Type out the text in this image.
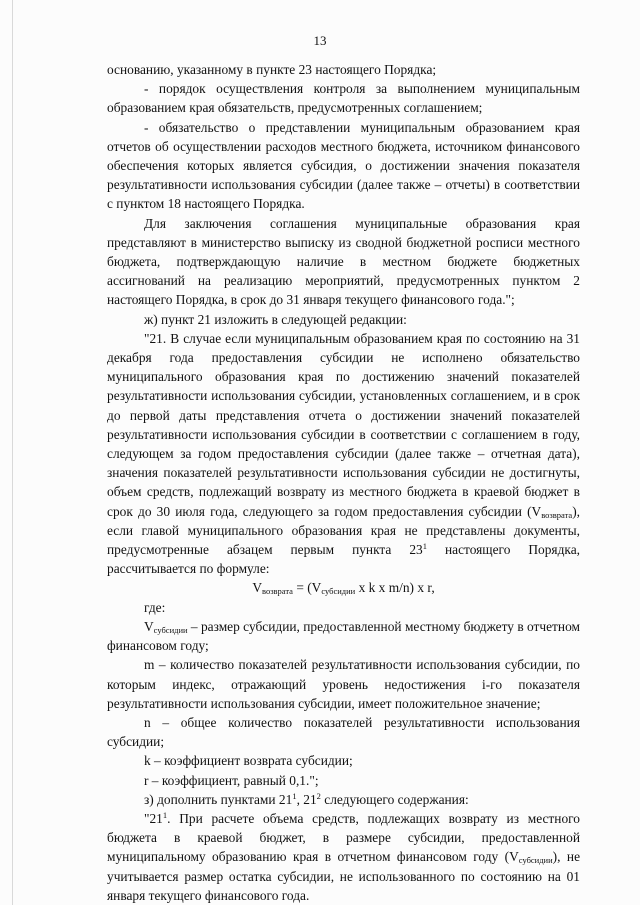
13

основанию, указанному в пункте 23 настоящего Порядка;

- порядок осуществления контроля за выполнением муниципальным образованием края обязательств, предусмотренных соглашением;

- обязательство о представлении муниципальным образованием края отчетов об осуществлении расходов местного бюджета, источником финансового обеспечения которых является субсидия, о достижении значения показателя результативности использования субсидии (далее также – отчеты) в соответствии с пунктом 18 настоящего Порядка.

Для заключения соглашения муниципальные образования края представляют в министерство выписку из сводной бюджетной росписи местного бюджета, подтверждающую наличие в местном бюджете бюджетных ассигнований на реализацию мероприятий, предусмотренных пунктом 2 настоящего Порядка, в срок до 31 января текущего финансового года.";

ж) пункт 21 изложить в следующей редакции:

"21. В случае если муниципальным образованием края по состоянию на 31 декабря года предоставления субсидии не исполнено обязательство муниципального образования края по достижению значений показателей результативности использования субсидии, установленных соглашением, и в срок до первой даты представления отчета о достижении значений показателей результативности использования субсидии в соответствии с соглашением в году, следующем за годом предоставления субсидии (далее также – отчетная дата), значения показателей результативности использования субсидии не достигнуты, объем средств, подлежащий возврату из местного бюджета в краевой бюджет в срок до 30 июля года, следующего за годом предоставления субсидии $(V_{возврата})$, если главой муниципального образования края не представлены документы, предусмотренные абзацем первым пункта $23^1$ настоящего Порядка, рассчитывается по формуле:

$V_{возврата} = (V_{субсидии}$ x k x m/n) x r,

где:

$V_{субсидии}$ – размер субсидии, предоставленной местному бюджету в отчетном финансовом году;

m – количество показателей результативности использования субсидии, по которым индекс, отражающий уровень недостижения i-го показателя результативности использования субсидии, имеет положительное значение;

n – общее количество показателей результативности использования субсидии;

k – коэффициент возврата субсидии;

r – коэффициент, равный 0,1.";

з) дополнить пунктами $21^1$, $21^2$ следующего содержания:

"$21^1$. При расчете объема средств, подлежащих возврату из местного бюджета в краевой бюджет, в размере субсидии, предоставленной муниципальному образованию края в отчетном финансовом году $(V_{субсидии})$, не учитывается размер остатка субсидии, не использованного по состоянию на 01 января текущего финансового года.
